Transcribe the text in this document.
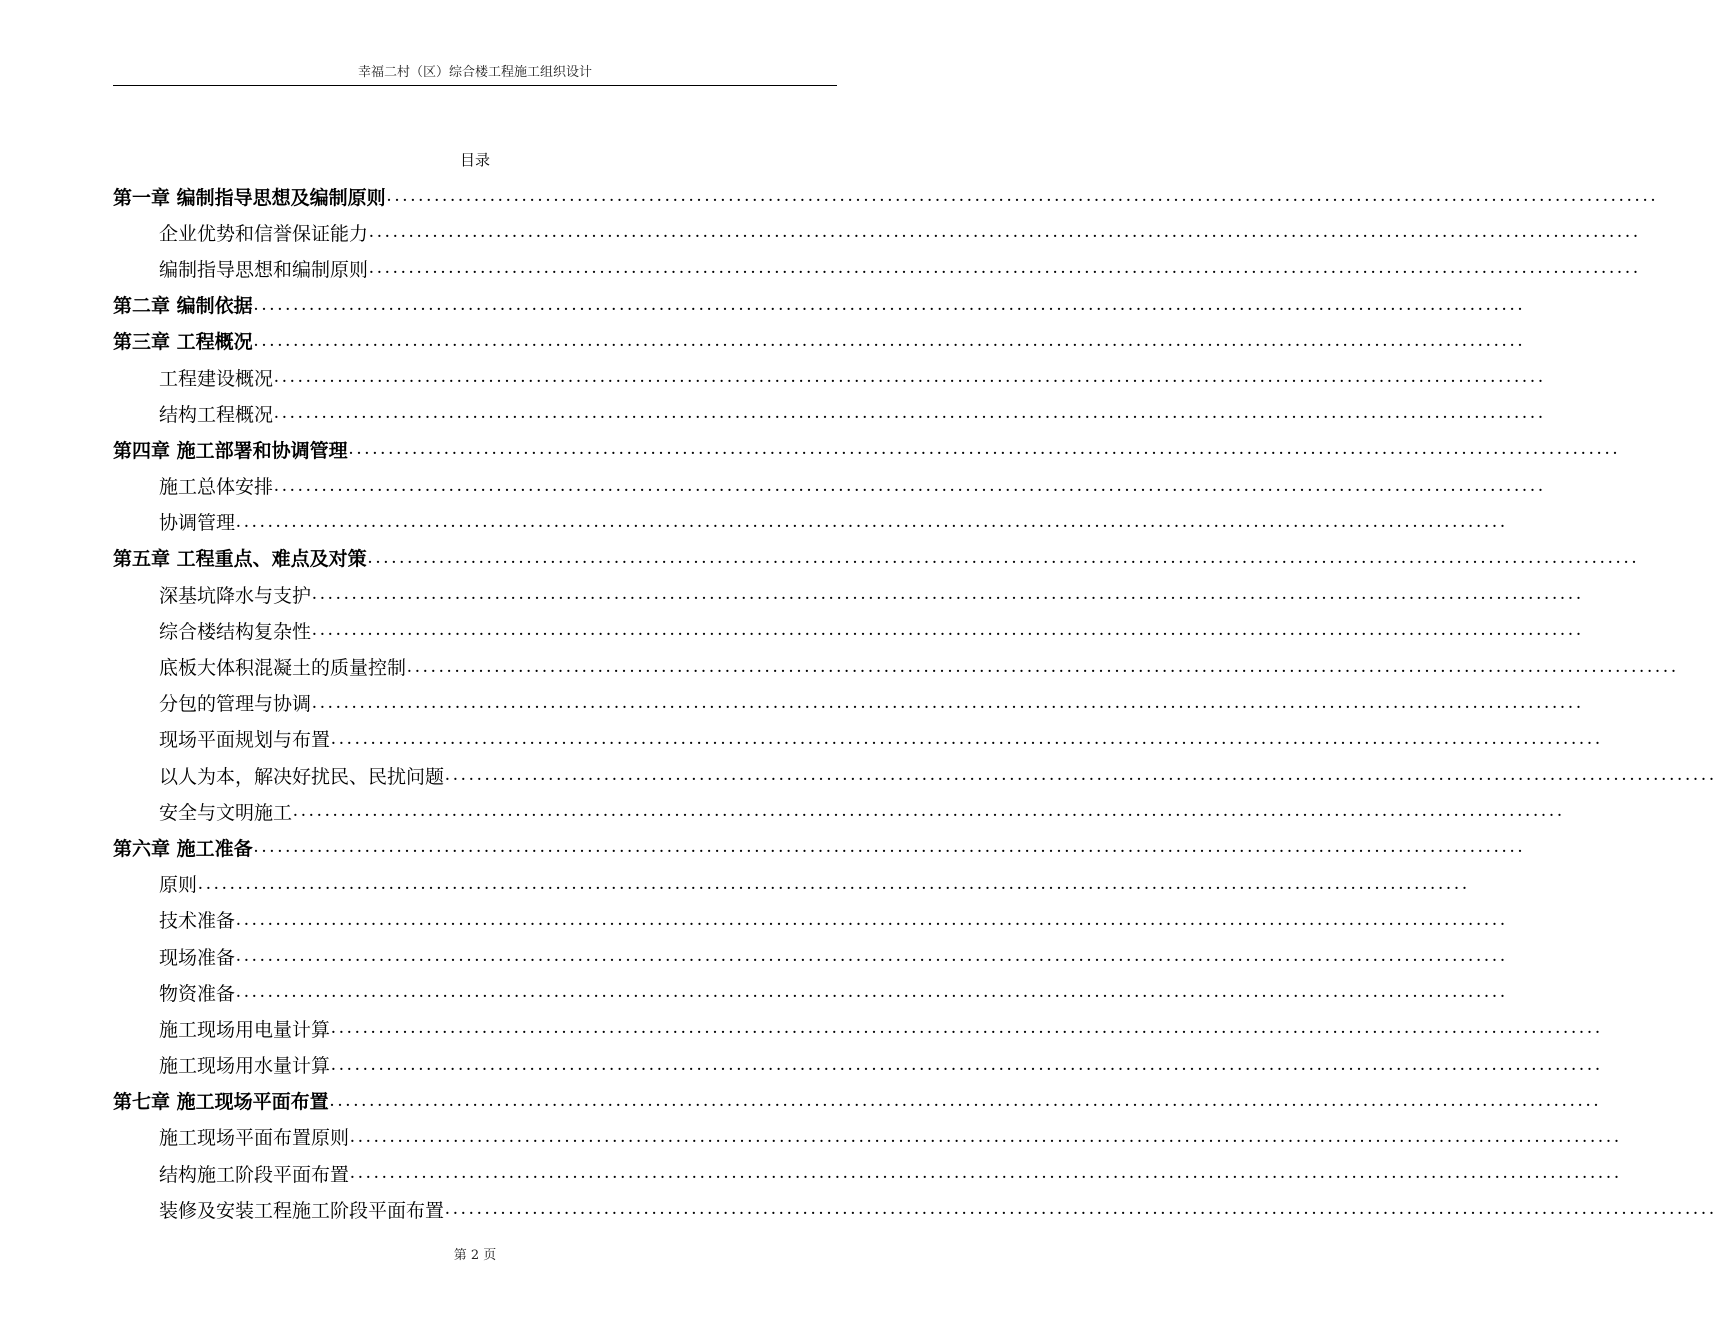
幸福二村（区）综合楼工程施工组织设计
目录
第一章 编制指导思想及编制原则 ................................................................................................................................................................
企业优势和信誉保证能力 ................................................................................................................................................................
编制指导思想和编制原则 ................................................................................................................................................................
第二章 编制依据 ................................................................................................................................................................
第三章 工程概况 ................................................................................................................................................................
工程建设概况 ................................................................................................................................................................
结构工程概况 ................................................................................................................................................................
第四章 施工部署和协调管理 ................................................................................................................................................................
施工总体安排 ................................................................................................................................................................
协调管理 ................................................................................................................................................................
第五章 工程重点、难点及对策 ................................................................................................................................................................
深基坑降水与支护 ................................................................................................................................................................
综合楼结构复杂性 ................................................................................................................................................................
底板大体积混凝土的质量控制 ................................................................................................................................................................
分包的管理与协调 ................................................................................................................................................................
现场平面规划与布置 ................................................................................................................................................................
以人为本，解决好扰民、民扰问题 ................................................................................................................................................................
安全与文明施工 ................................................................................................................................................................
第六章 施工准备 ................................................................................................................................................................
原则 ................................................................................................................................................................
技术准备 ................................................................................................................................................................
现场准备 ................................................................................................................................................................
物资准备 ................................................................................................................................................................
施工现场用电量计算 ................................................................................................................................................................
施工现场用水量计算 ................................................................................................................................................................
第七章 施工现场平面布置 ................................................................................................................................................................
施工现场平面布置原则 ................................................................................................................................................................
结构施工阶段平面布置 ................................................................................................................................................................
装修及安装工程施工阶段平面布置 ................................................................................................................................................................
第 2 页
